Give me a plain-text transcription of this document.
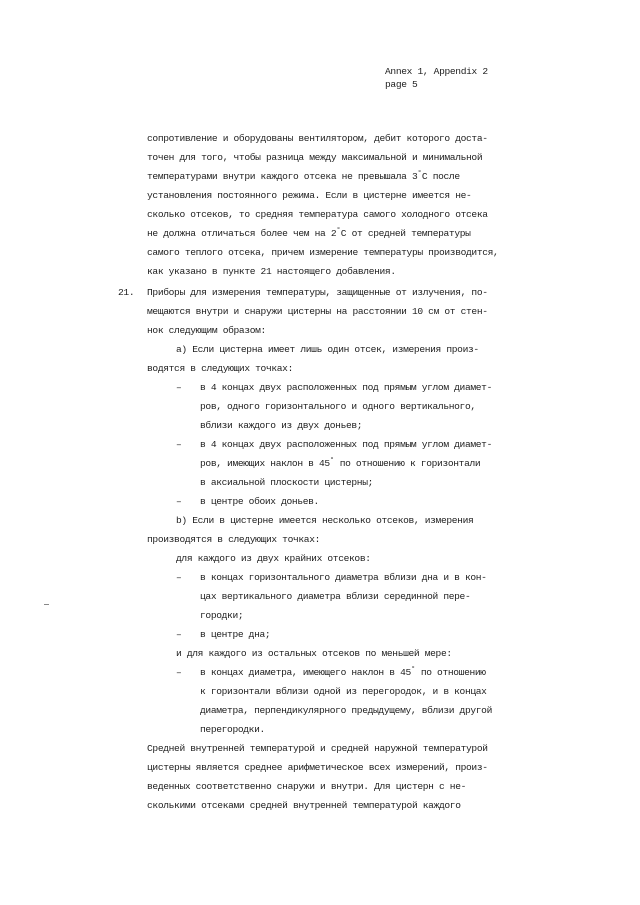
Annex 1, Appendix 2
page 5
сопротивление и оборудованы вентилятором, дебит которого доста-
точен для того, чтобы разница между максимальной и минимальной
температурами внутри каждого отсека не превышала 3°C после
установления постоянного режима. Если в цистерне имеется не-
сколько отсеков, то средняя температура самого холодного отсека
не должна отличаться более чем на 2°C от средней температуры
самого теплого отсека, причем измерение температуры производится,
как указано в пункте 21 настоящего добавления.
21. Приборы для измерения температуры, защищенные от излучения, по-
мещаются внутри и снаружи цистерны на расстоянии 10 см от стен-
нок следующим образом:
a) Если цистерна имеет лишь один отсек, измерения произ-
водятся в следующих точках:
– в 4 концах двух расположенных под прямым углом диамет-
ров, одного горизонтального и одного вертикального,
вблизи каждого из двух доньев;
– в 4 концах двух расположенных под прямым углом диамет-
ров, имеющих наклон в 45° по отношению к горизонтали
в аксиальной плоскости цистерны;
– в центре обоих доньев.
b) Если в цистерне имеется несколько отсеков, измерения
производятся в следующих точках:
для каждого из двух крайних отсеков:
– в концах горизонтального диаметра вблизи дна и в кон-
цах вертикального диаметра вблизи серединной пере-
городки;
– в центре дна;
и для каждого из остальных отсеков по меньшей мере:
– в концах диаметра, имеющего наклон в 45° по отношению
к горизонтали вблизи одной из перегородок, и в концах
диаметра, перпендикулярного предыдущему, вблизи другой
перегородки.
Средней внутренней температурой и средней наружной температурой
цистерны является среднее арифметическое всех измерений, произ-
веденных соответственно снаружи и внутри. Для цистерн с не-
сколькими отсеками средней внутренней температурой каждого
